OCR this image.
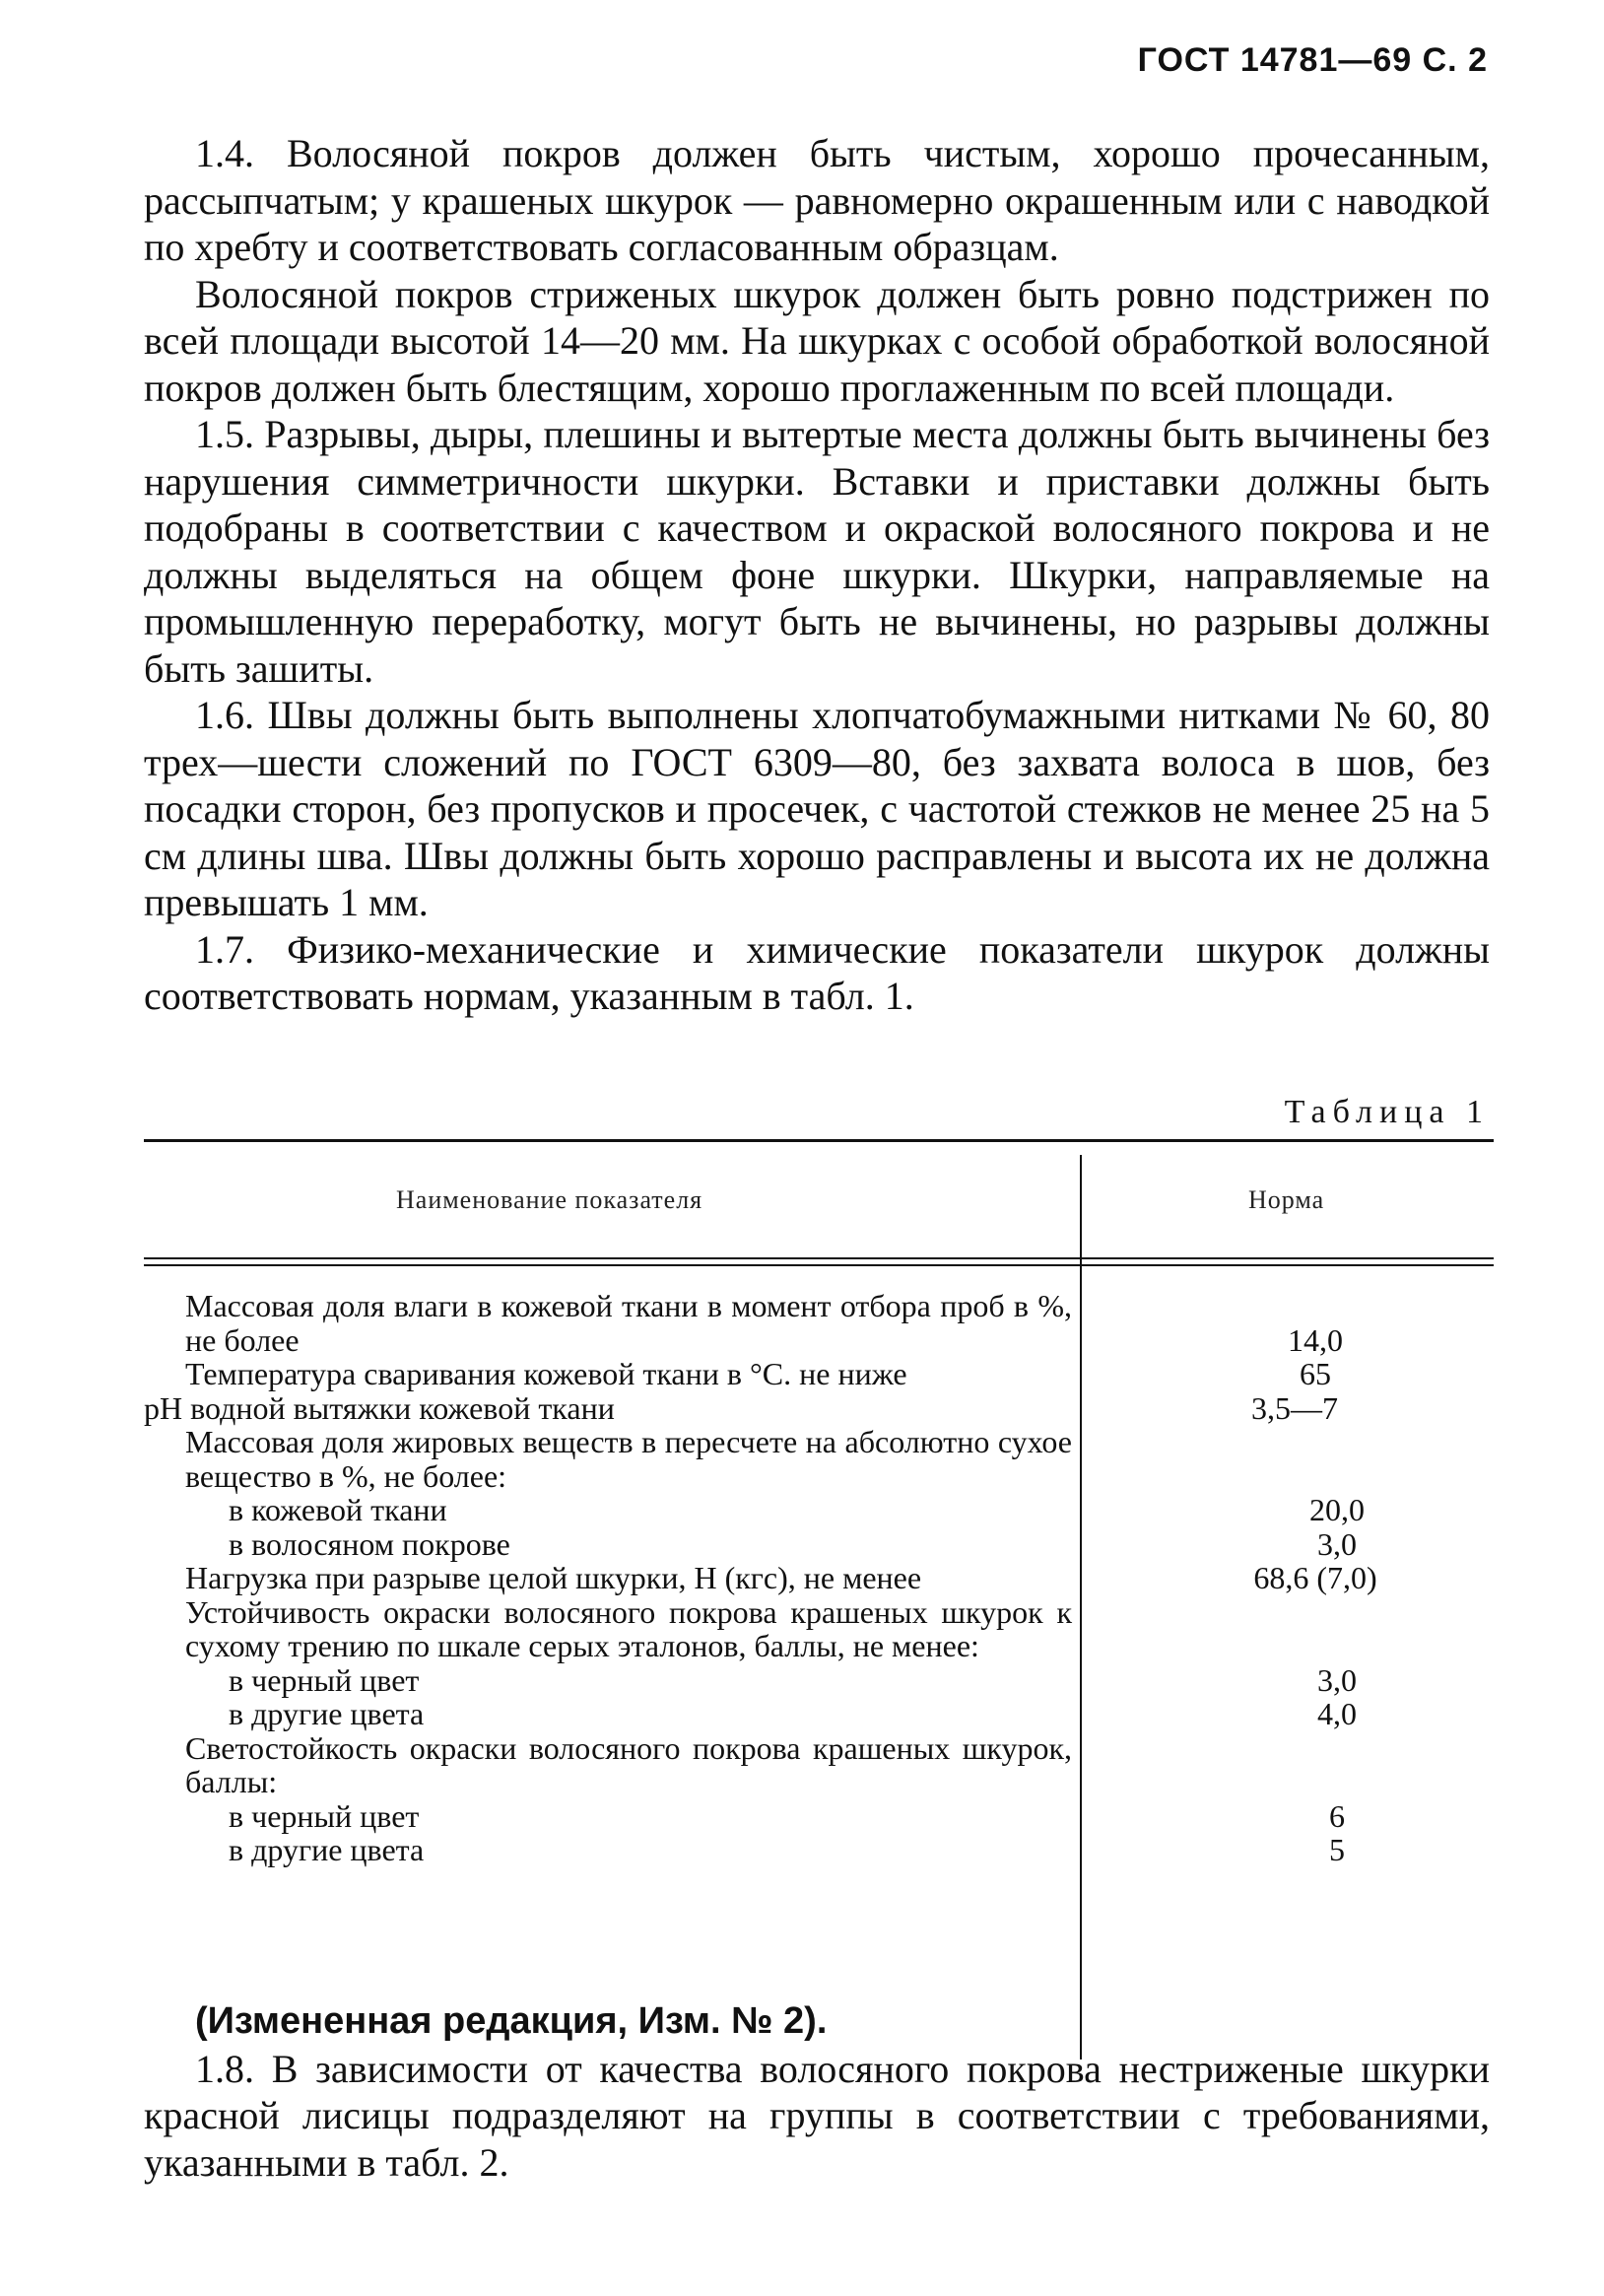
ГОСТ 14781—69 С. 2

1.4. Волосяной покров должен быть чистым, хорошо прочесанным, рассыпчатым; у крашеных шкурок — равномерно окрашенным или с наводкой по хребту и соответствовать согласованным образцам.

Волосяной покров стриженых шкурок должен быть ровно подстрижен по всей площади высотой 14—20 мм. На шкурках с особой обработкой волосяной покров должен быть блестящим, хорошо проглаженным по всей площади.

1.5. Разрывы, дыры, плешины и вытертые места должны быть вычинены без нарушения симметричности шкурки. Вставки и приставки должны быть подобраны в соответствии с качеством и окраской волосяного покрова и не должны выделяться на общем фоне шкурки. Шкурки, направляемые на промышленную переработку, могут быть не вычинены, но разрывы должны быть зашиты.

1.6. Швы должны быть выполнены хлопчатобумажными нитками № 60, 80 трех—шести сложений по ГОСТ 6309—80, без захвата волоса в шов, без посадки сторон, без пропусков и просечек, с частотой стежков не менее 25 на 5 см длины шва. Швы должны быть хорошо расправлены и высота их не должна превышать 1 мм.

1.7. Физико-механические и химические показатели шкурок должны соответствовать нормам, указанным в табл. 1.

Таблица 1
Наименование показателя	Норма
Массовая доля влаги в кожевой ткани в момент отбора проб в %, не более	14,0
Температура сваривания кожевой ткани в °С. не ниже	65
рН водной вытяжки кожевой ткани	3,5—7
Массовая доля жировых веществ в пересчете на абсолютно сухое вещество в %, не более:
в кожевой ткани	20,0
в волосяном покрове	3,0
Нагрузка при разрыве целой шкурки, Н (кгс), не менее	68,6 (7,0)
Устойчивость окраски волосяного покрова крашеных шкурок к сухому трению по шкале серых эталонов, баллы, не менее:
в черный цвет	3,0
в другие цвета	4,0
Светостойкость окраски волосяного покрова крашеных шкурок, баллы:
в черный цвет	6
в другие цвета	5

(Измененная редакция, Изм. № 2).

1.8. В зависимости от качества волосяного покрова нестриженые шкурки красной лисицы подразделяют на группы в соответствии с требованиями, указанными в табл. 2.
